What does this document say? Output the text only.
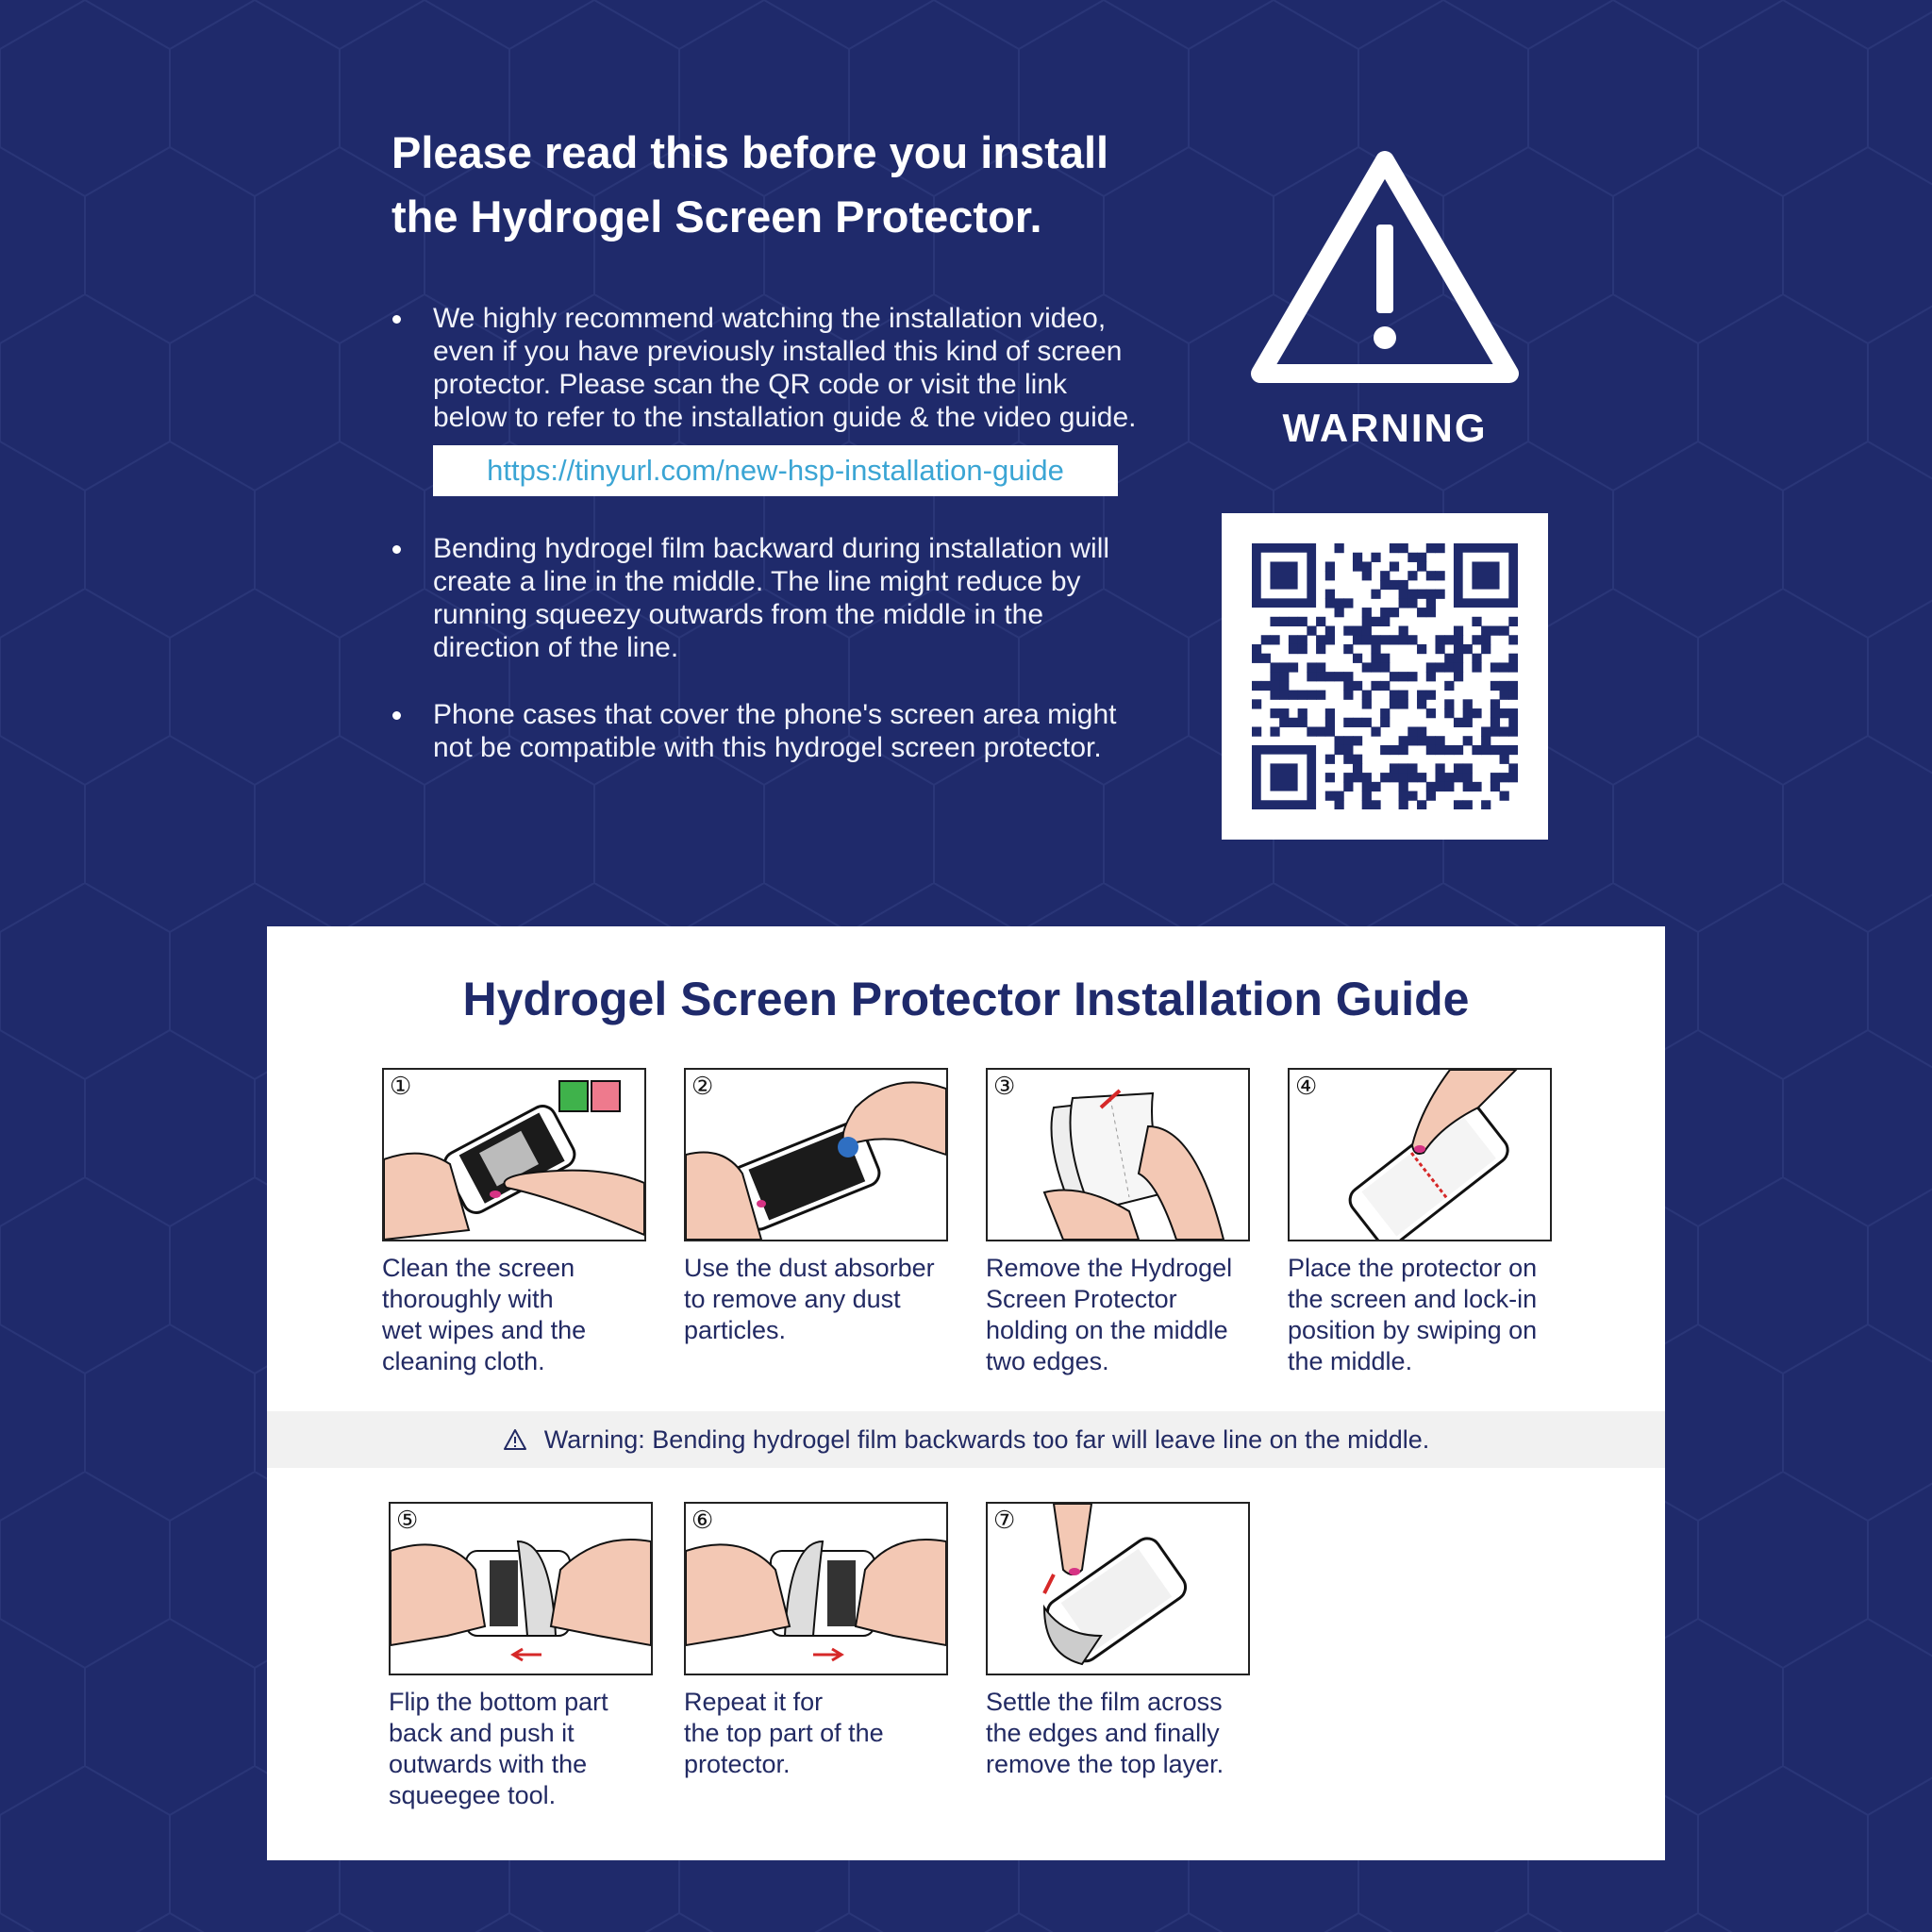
Please read this before you install
the Hydrogel Screen Protector.
We highly recommend watching the installation video, even if you have previously installed this kind of screen protector. Please scan the QR code or visit the link below to refer to the installation guide & the video guide.
https://tinyurl.com/new-hsp-installation-guide
Bending hydrogel film backward during installation will create a line in the middle. The line might reduce by running squeezy outwards from the middle in the direction of the line.
Phone cases that cover the phone's screen area might not be compatible with this hydrogel screen protector.
WARNING
Hydrogel Screen Protector Installation Guide
①
Clean the screen
thoroughly with
wet wipes and the
cleaning cloth.
②
Use the dust absorber
to remove any dust
particles.
③
Remove the Hydrogel
Screen Protector
holding on the middle
two edges.
④
Place the protector on
the screen and lock-in
position by swiping on
the middle.
Warning: Bending hydrogel film backwards too far will leave line on the middle.
⑤
Flip the bottom part
back and push it
outwards with the
squeegee tool.
⑥
Repeat it for
the top part of the
protector.
⑦
Settle the film across
the edges and finally
remove the top layer.
